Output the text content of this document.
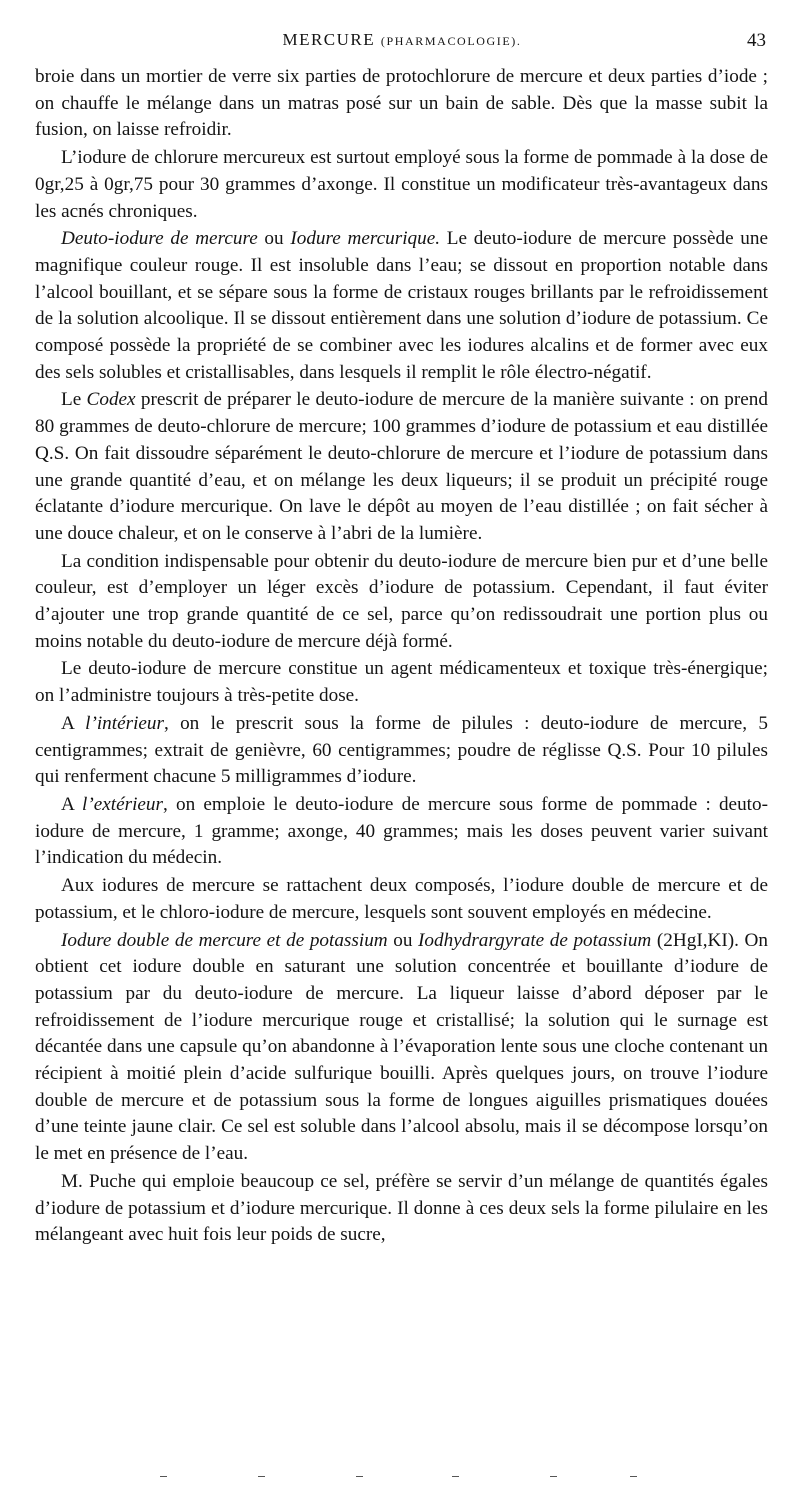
MERCURE (PHARMACOLOGIE).	43

broie dans un mortier de verre six parties de protochlorure de mercure et deux parties d’iode ; on chauffe le mélange dans un matras posé sur un bain de sable. Dès que la masse subit la fusion, on laisse refroidir.

L’iodure de chlorure mercureux est surtout employé sous la forme de pommade à la dose de 0gr,25 à 0gr,75 pour 30 grammes d’axonge. Il constitue un modificateur très-avantageux dans les acnés chroniques.

Deuto-iodure de mercure ou Iodure mercurique. Le deuto-iodure de mercure possède une magnifique couleur rouge. Il est insoluble dans l’eau; se dissout en proportion notable dans l’alcool bouillant, et se sépare sous la forme de cristaux rouges brillants par le refroidissement de la solution alcoolique. Il se dissout entièrement dans une solution d’iodure de potassium. Ce composé possède la propriété de se combiner avec les iodures alcalins et de former avec eux des sels solubles et cristallisables, dans lesquels il remplit le rôle électro-négatif.

Le Codex prescrit de préparer le deuto-iodure de mercure de la manière suivante : on prend 80 grammes de deuto-chlorure de mercure; 100 grammes d’iodure de potassium et eau distillée Q.S. On fait dissoudre séparément le deuto-chlorure de mercure et l’iodure de potassium dans une grande quantité d’eau, et on mélange les deux liqueurs; il se produit un précipité rouge éclatante d’iodure mercurique. On lave le dépôt au moyen de l’eau distillée ; on fait sécher à une douce chaleur, et on le conserve à l’abri de la lumière.

La condition indispensable pour obtenir du deuto-iodure de mercure bien pur et d’une belle couleur, est d’employer un léger excès d’iodure de potassium. Cependant, il faut éviter d’ajouter une trop grande quantité de ce sel, parce qu’on redissoudrait une portion plus ou moins notable du deuto-iodure de mercure déjà formé.

Le deuto-iodure de mercure constitue un agent médicamenteux et toxique très-énergique; on l’administre toujours à très-petite dose.

A l’intérieur, on le prescrit sous la forme de pilules : deuto-iodure de mercure, 5 centigrammes; extrait de genièvre, 60 centigrammes; poudre de réglisse Q.S. Pour 10 pilules qui renferment chacune 5 milligrammes d’iodure.

A l’extérieur, on emploie le deuto-iodure de mercure sous forme de pommade : deuto-iodure de mercure, 1 gramme; axonge, 40 grammes; mais les doses peuvent varier suivant l’indication du médecin.

Aux iodures de mercure se rattachent deux composés, l’iodure double de mercure et de potassium, et le chloro-iodure de mercure, lesquels sont souvent employés en médecine.

Iodure double de mercure et de potassium ou Iodhydrargyrate de potassium (2HgI,KI). On obtient cet iodure double en saturant une solution concentrée et bouillante d’iodure de potassium par du deuto-iodure de mercure. La liqueur laisse d’abord déposer par le refroidissement de l’iodure mercurique rouge et cristallisé; la solution qui le surnage est décantée dans une capsule qu’on abandonne à l’évaporation lente sous une cloche contenant un récipient à moitié plein d’acide sulfurique bouilli. Après quelques jours, on trouve l’iodure double de mercure et de potassium sous la forme de longues aiguilles prismatiques douées d’une teinte jaune clair. Ce sel est soluble dans l’alcool absolu, mais il se décompose lorsqu’on le met en présence de l’eau.

M. Puche qui emploie beaucoup ce sel, préfère se servir d’un mélange de quantités égales d’iodure de potassium et d’iodure mercurique. Il donne à ces deux sels la forme pilulaire en les mélangeant avec huit fois leur poids de sucre,
